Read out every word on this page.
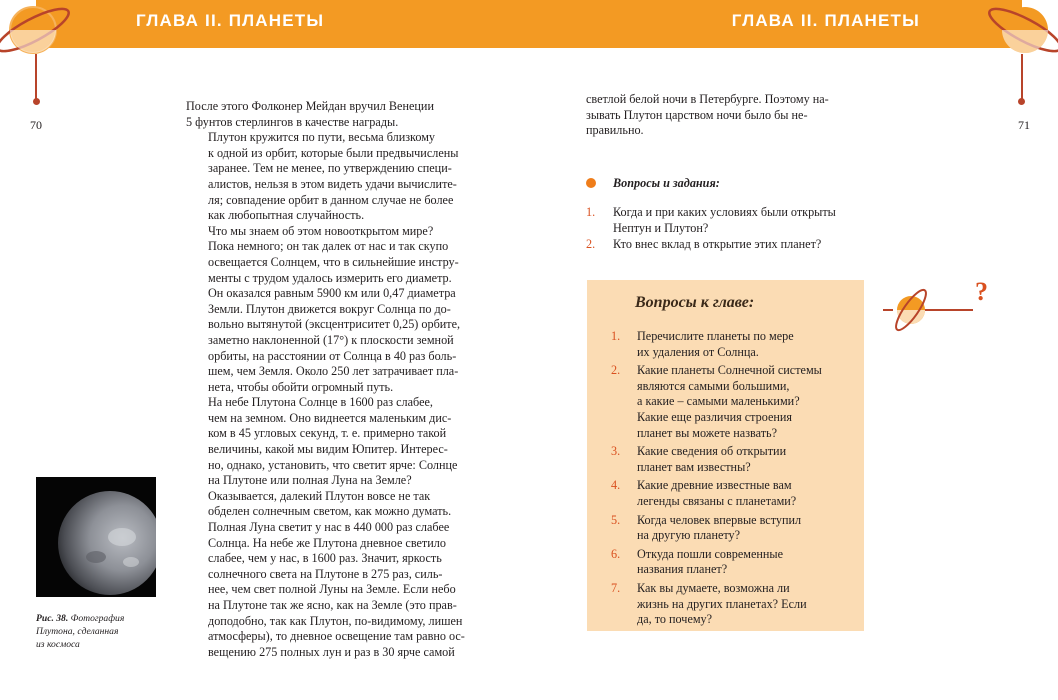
ГЛАВА II. ПЛАНЕТЫ
70

После этого Фолконер Мейдан вручил Венеции
5 фунтов стерлингов в качестве награды.

Плутон кружится по пути, весьма близкому
к одной из орбит, которые были предвычислены
заранее. Тем не менее, по утверждению специ-
алистов, нельзя в этом видеть удачи вычислите-
ля; совпадение орбит в данном случае не более
как любопытная случайность.

Что мы знаем об этом новооткрытом мире?
Пока немного; он так далек от нас и так скупо
освещается Солнцем, что в сильнейшие инстру-
менты с трудом удалось измерить его диаметр.
Он оказался равным 5900 км или 0,47 диаметра
Земли. Плутон движется вокруг Солнца по до-
вольно вытянутой (эксцентриситет 0,25) орбите,
заметно наклоненной (17°) к плоскости земной
орбиты, на расстоянии от Солнца в 40 раз боль-
шем, чем Земля. Около 250 лет затрачивает пла-
нета, чтобы обойти огромный путь.

На небе Плутона Солнце в 1600 раз слабее,
чем на земном. Оно виднеется маленьким дис-
ком в 45 угловых секунд, т. е. примерно такой
величины, какой мы видим Юпитер. Интерес-
но, однако, установить, что светит ярче: Солнце
на Плутоне или полная Луна на Земле?

Оказывается, далекий Плутон вовсе не так
обделен солнечным светом, как можно думать.
Полная Луна светит у нас в 440 000 раз слабее
Солнца. На небе же Плутона дневное светило
слабее, чем у нас, в 1600 раз. Значит, яркость
солнечного света на Плутоне в 275 раз, силь-
нее, чем свет полной Луны на Земле. Если небо
на Плутоне так же ясно, как на Земле (это прав-
доподобно, так как Плутон, по-видимому, лишен
атмосферы), то дневное освещение там равно ос-
вещению 275 полных лун и раз в 30 ярче самой

Рис. 38. Фотография
Плутона, сделанная
из космоса
ГЛАВА II. ПЛАНЕТЫ
71

светлой белой ночи в Петербурге. Поэтому на-
зывать Плутон царством ночи было бы не-
правильно.

Вопросы и задания:
1. Когда и при каких условиях были открыты
Нептун и Плутон?
2. Кто внес вклад в открытие этих планет?
Вопросы к главе:
1. Перечислите планеты по мере
их удаления от Солнца.
2. Какие планеты Солнечной системы
являются самыми большими,
а какие – самыми маленькими?
Какие еще различия строения
планет вы можете назвать?
3. Какие сведения об открытии
планет вам известны?
4. Какие древние известные вам
легенды связаны с планетами?
5. Когда человек впервые вступил
на другую планету?
6. Откуда пошли современные
названия планет?
7. Как вы думаете, возможна ли
жизнь на других планетах? Если
да, то почему?
?
